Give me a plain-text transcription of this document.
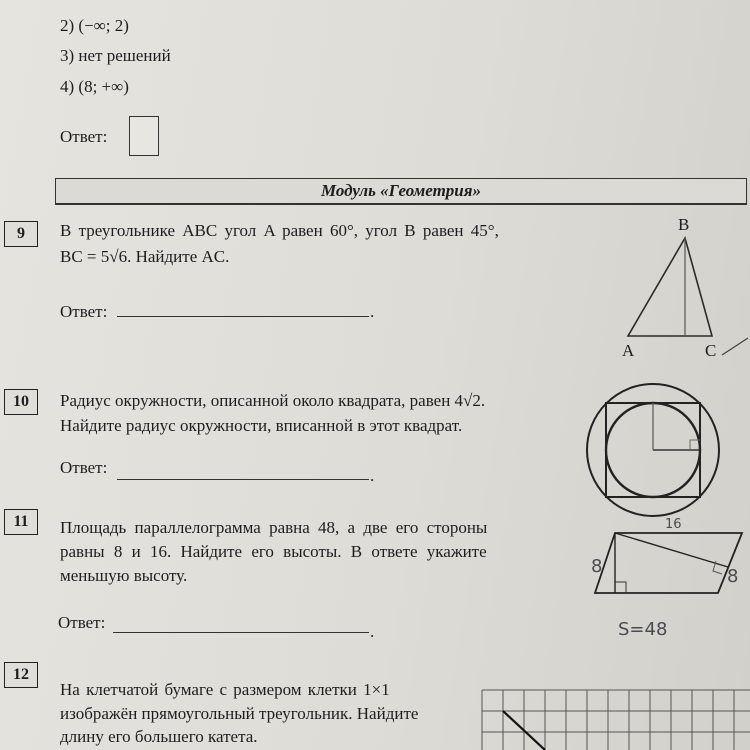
2) (−∞; 2)
3) нет решений
4) (8; +∞)
Ответ:
Модуль «Геометрия»
9	В треугольнике ABC угол A равен 60°, угол B равен 45°,
BC = 5√6. Найдите AC.
Ответ:	.
B
A	C
10	Радиус окружности, описанной около квадрата, равен 4√2.
Найдите радиус окружности, вписанной в этот квадрат.
Ответ:	.
11	Площадь параллелограмма равна 48, а две его стороны
равны 8 и 16. Найдите его высоты. В ответе укажите
меньшую высоту.
Ответ:	.
16
8	8
S=48
12
На клетчатой бумаге с размером клетки 1×1
изображён прямоугольный треугольник. Найдите
длину его большего катета.
